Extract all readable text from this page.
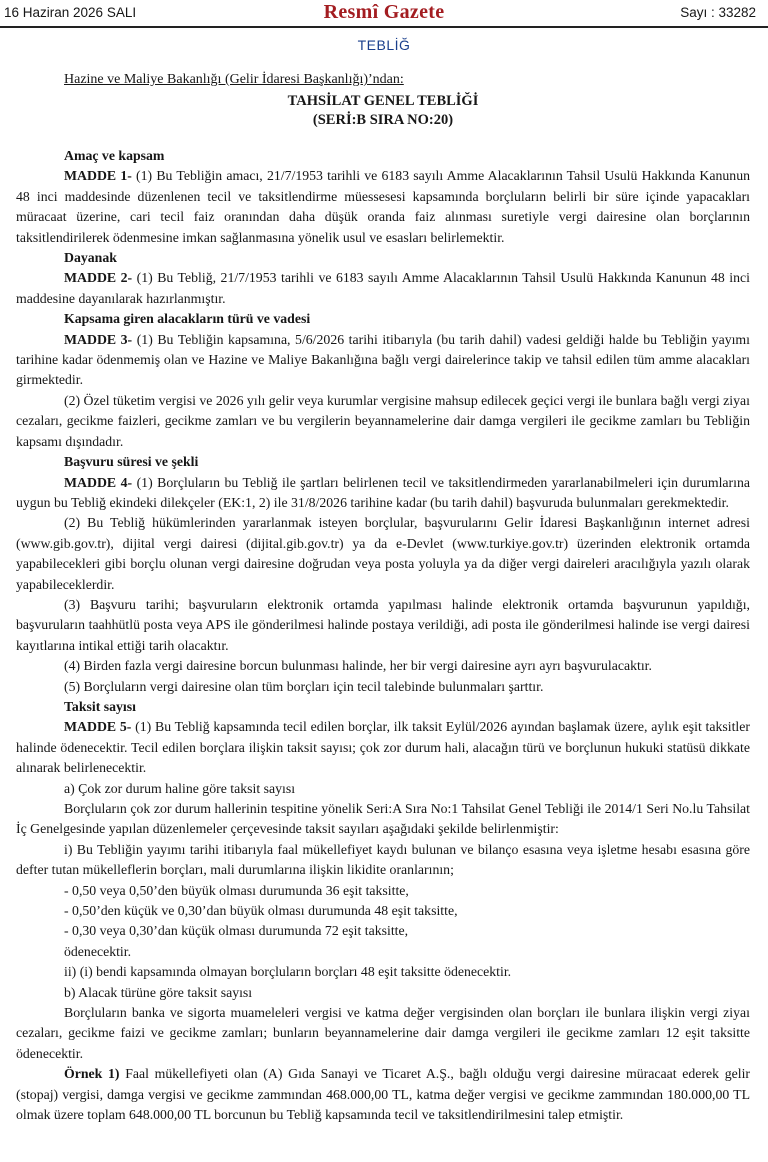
16 Haziran 2026 SALI	Resmî Gazete	Sayı : 33282
TEBLİĞ

Hazine ve Maliye Bakanlığı (Gelir İdaresi Başkanlığı)’ndan:

TAHSİLAT GENEL TEBLİĞİ

(SERİ:B SIRA NO:20)

Amaç ve kapsam

MADDE 1- (1) Bu Tebliğin amacı, 21/7/1953 tarihli ve 6183 sayılı Amme Alacaklarının Tahsil Usulü Hakkında Kanunun 48 inci maddesinde düzenlenen tecil ve taksitlendirme müessesesi kapsamında borçluların belirli bir süre içinde yapacakları müracaat üzerine, cari tecil faiz oranından daha düşük oranda faiz alınması suretiyle vergi dairesine olan borçlarının taksitlendirilerek ödenmesine imkan sağlanmasına yönelik usul ve esasları belirlemektir.

Dayanak

MADDE 2- (1) Bu Tebliğ, 21/7/1953 tarihli ve 6183 sayılı Amme Alacaklarının Tahsil Usulü Hakkında Kanunun 48 inci maddesine dayanılarak hazırlanmıştır.

Kapsama giren alacakların türü ve vadesi

MADDE 3- (1) Bu Tebliğin kapsamına, 5/6/2026 tarihi itibarıyla (bu tarih dahil) vadesi geldiği halde bu Tebliğin yayımı tarihine kadar ödenmemiş olan ve Hazine ve Maliye Bakanlığına bağlı vergi dairelerince takip ve tahsil edilen tüm amme alacakları girmektedir.

(2) Özel tüketim vergisi ve 2026 yılı gelir veya kurumlar vergisine mahsup edilecek geçici vergi ile bunlara bağlı vergi ziyaı cezaları, gecikme faizleri, gecikme zamları ve bu vergilerin beyannamelerine dair damga vergileri ile gecikme zamları bu Tebliğin kapsamı dışındadır.

Başvuru süresi ve şekli

MADDE 4- (1) Borçluların bu Tebliğ ile şartları belirlenen tecil ve taksitlendirmeden yararlanabilmeleri için durumlarına uygun bu Tebliğ ekindeki dilekçeler (EK:1, 2) ile 31/8/2026 tarihine kadar (bu tarih dahil) başvuruda bulunmaları gerekmektedir.

(2) Bu Tebliğ hükümlerinden yararlanmak isteyen borçlular, başvurularını Gelir İdaresi Başkanlığının internet adresi (www.gib.gov.tr), dijital vergi dairesi (dijital.gib.gov.tr) ya da e-Devlet (www.turkiye.gov.tr) üzerinden elektronik ortamda yapabilecekleri gibi borçlu olunan vergi dairesine doğrudan veya posta yoluyla ya da diğer vergi daireleri aracılığıyla yazılı olarak yapabileceklerdir.

(3) Başvuru tarihi; başvuruların elektronik ortamda yapılması halinde elektronik ortamda başvurunun yapıldığı, başvuruların taahhütlü posta veya APS ile gönderilmesi halinde postaya verildiği, adi posta ile gönderilmesi halinde ise vergi dairesi kayıtlarına intikal ettiği tarih olacaktır.

(4) Birden fazla vergi dairesine borcun bulunması halinde, her bir vergi dairesine ayrı ayrı başvurulacaktır.

(5) Borçluların vergi dairesine olan tüm borçları için tecil talebinde bulunmaları şarttır.

Taksit sayısı

MADDE 5- (1) Bu Tebliğ kapsamında tecil edilen borçlar, ilk taksit Eylül/2026 ayından başlamak üzere, aylık eşit taksitler halinde ödenecektir. Tecil edilen borçlara ilişkin taksit sayısı; çok zor durum hali, alacağın türü ve borçlunun hukuki statüsü dikkate alınarak belirlenecektir.

a) Çok zor durum haline göre taksit sayısı

Borçluların çok zor durum hallerinin tespitine yönelik Seri:A Sıra No:1 Tahsilat Genel Tebliği ile 2014/1 Seri No.lu Tahsilat İç Genelgesinde yapılan düzenlemeler çerçevesinde taksit sayıları aşağıdaki şekilde belirlenmiştir:

i) Bu Tebliğin yayımı tarihi itibarıyla faal mükellefiyet kaydı bulunan ve bilanço esasına veya işletme hesabı esasına göre defter tutan mükelleflerin borçları, mali durumlarına ilişkin likidite oranlarının;

- 0,50 veya 0,50’den büyük olması durumunda 36 eşit taksitte,

- 0,50’den küçük ve 0,30’dan büyük olması durumunda 48 eşit taksitte,

- 0,30 veya 0,30’dan küçük olması durumunda 72 eşit taksitte,

ödenecektir.

ii) (i) bendi kapsamında olmayan borçluların borçları 48 eşit taksitte ödenecektir.

b) Alacak türüne göre taksit sayısı

Borçluların banka ve sigorta muameleleri vergisi ve katma değer vergisinden olan borçları ile bunlara ilişkin vergi ziyaı cezaları, gecikme faizi ve gecikme zamları; bunların beyannamelerine dair damga vergileri ile gecikme zamları 12 eşit taksitte ödenecektir.

Örnek 1) Faal mükellefiyeti olan (A) Gıda Sanayi ve Ticaret A.Ş., bağlı olduğu vergi dairesine müracaat ederek gelir (stopaj) vergisi, damga vergisi ve gecikme zammından 468.000,00 TL, katma değer vergisi ve gecikme zammından 180.000,00 TL olmak üzere toplam 648.000,00 TL borcunun bu Tebliğ kapsamında tecil ve taksitlendirilmesini talep etmiştir.
